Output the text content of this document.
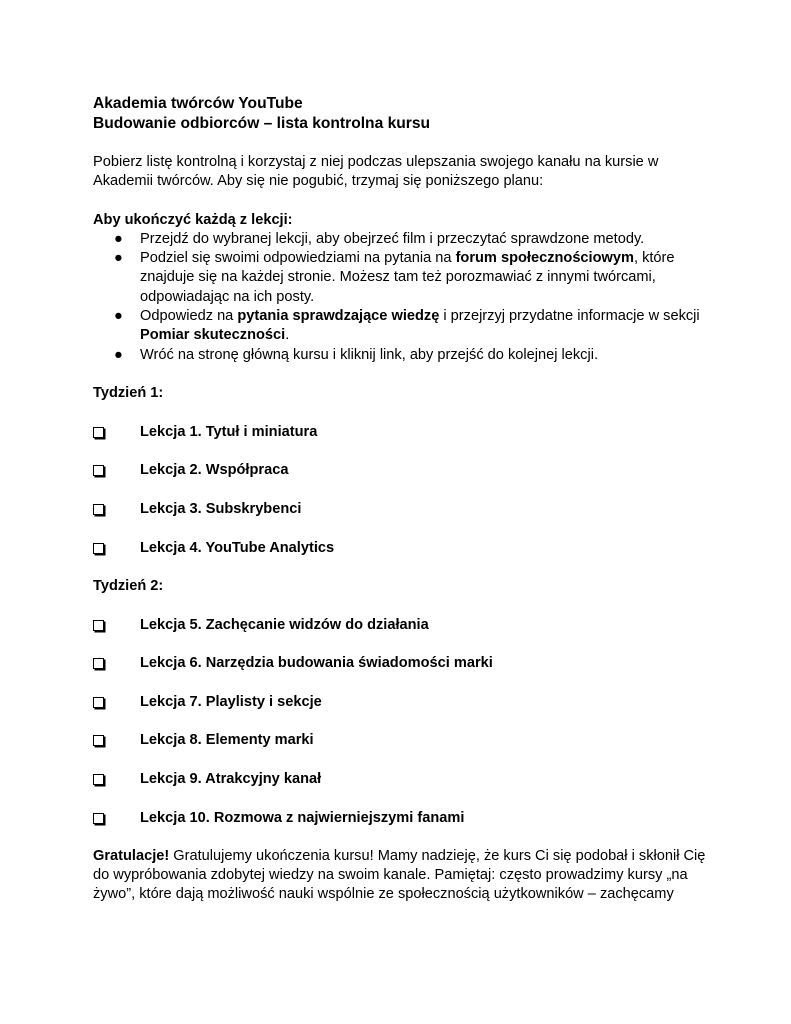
Akademia twórców YouTube

Budowanie odbiorców – lista kontrolna kursu

Pobierz listę kontrolną i korzystaj z niej podczas ulepszania swojego kanału na kursie w Akademii twórców. Aby się nie pogubić, trzymaj się poniższego planu:
Aby ukończyć każdą z lekcji:
● Przejdź do wybranej lekcji, aby obejrzeć film i przeczytać sprawdzone metody.
● Podziel się swoimi odpowiedziami na pytania na forum społecznościowym, które znajduje się na każdej stronie. Możesz tam też porozmawiać z innymi twórcami, odpowiadając na ich posty.
● Odpowiedz na pytania sprawdzające wiedzę i przejrzyj przydatne informacje w sekcji Pomiar skuteczności.
● Wróć na stronę główną kursu i kliknij link, aby przejść do kolejnej lekcji.
Tydzień 1:
Lekcja 1. Tytuł i miniatura
Lekcja 2. Współpraca
Lekcja 3. Subskrybenci
Lekcja 4. YouTube Analytics
Tydzień 2:
Lekcja 5. Zachęcanie widzów do działania
Lekcja 6. Narzędzia budowania świadomości marki
Lekcja 7. Playlisty i sekcje
Lekcja 8. Elementy marki
Lekcja 9. Atrakcyjny kanał
Lekcja 10. Rozmowa z najwierniejszymi fanami
Gratulacje! Gratulujemy ukończenia kursu! Mamy nadzieję, że kurs Ci się podobał i skłonił Cię do wypróbowania zdobytej wiedzy na swoim kanale. Pamiętaj: często prowadzimy kursy „na żywo”, które dają możliwość nauki wspólnie ze społecznością użytkowników – zachęcamy
